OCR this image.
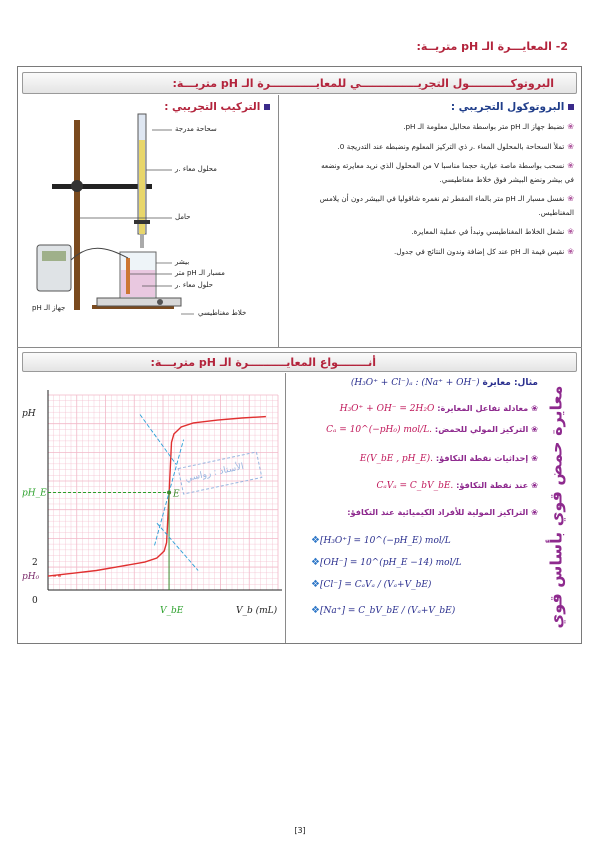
2- المعايـــرة الـ pH متريــة:
البروتوكـــــــــــول التجريـــــــــــــــي للمعايــــــــــــرة الـ pH متريـــة:
البروتوكول التجريبي :
❀نضبط جهاز الـ pH متر بواسطة محاليل معلومة الـ pH.
❀تملأ السحاحة بالمحلول المعاء .ر ذي التركيز المعلوم ونضبطه عند التدريجة 0.
❀نسحب بواسطة ماصة عيارية حجما مناسبا V من المحلول الذي نريد معايرته ونضعه في بيشر ونضع البيشر فوق خلاط مغناطيسي.
❀نغسل مسبار الـ pH متر بالماء المقطر ثم نغمره شاقوليا في البيشر دون أن يلامس المغناطيس.
❀نشغل الخلاط المغناطيسي ونبدأ في عملية المعايرة.
❀نقيس قيمة الـ pH عند كل إضافة وندون النتائج في جدول.
التركيب التجريبي :
سحاحة مدرجة
محلول معاء .ر
حامل
بيشر
مسبار الـ pH متر
حلول معاء .ر
خلاط مغناطيسي
جهاز الـ pH
أنــــــــواع المعايــــــــــرة الـ pH متريـــة:
معايرة حمض قوي بأساس قوي
pH
V_b (mL)
E
pH_E
2
pH₀
0
V_bE
الأستاذ : رواسي
مثال: معايرة (H₃O⁺ + Cl⁻)ₐ : (Na⁺ + OH⁻)
❀ معادلة تفاعل المعايرة: H₃O⁺ + OH⁻ = 2H₂O
❀ التركيز المولي للحمض: Cₐ = 10^(−pH₀) mol/L.
❀ إحداثيات نقطة التكافؤ: E(V_bE , pH_E).
❀ عند نقطة التكافؤ: CₐVₐ = C_bV_bE.
❀ التراكيز المولية للأفراد الكيميائية عند التكافؤ:
❖[H₃O⁺] = 10^(−pH_E) mol/L
❖[OH⁻] = 10^(pH_E −14) mol/L
❖[Cl⁻] = CₐVₐ / (Vₐ+V_bE)
❖[Na⁺] = C_bV_bE / (Vₐ+V_bE)
[3]
